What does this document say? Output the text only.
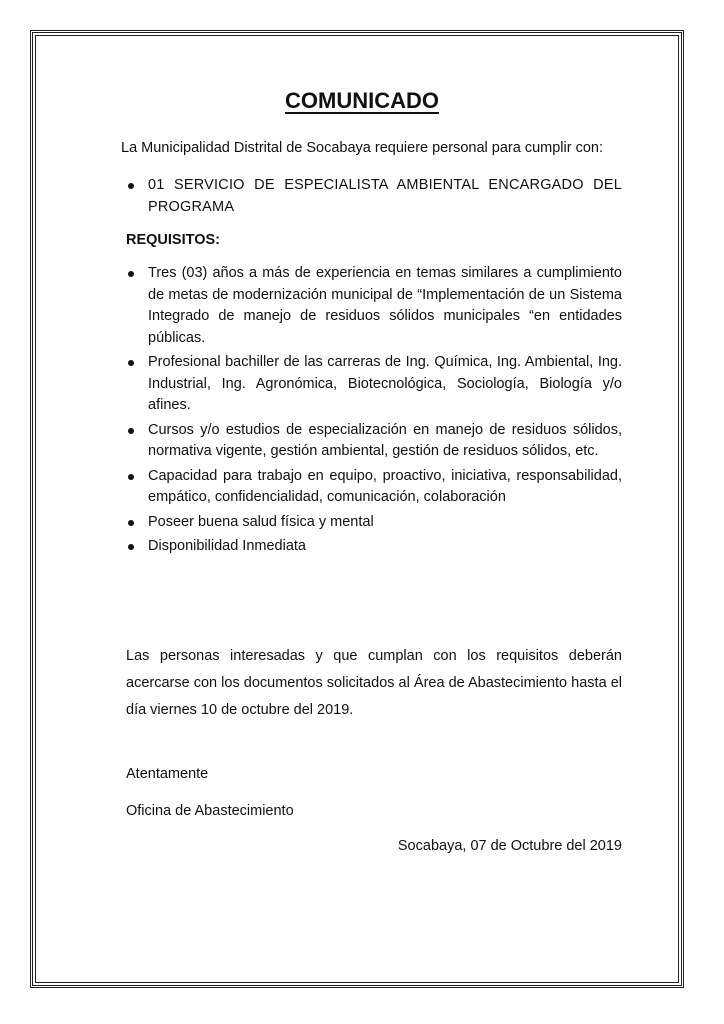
COMUNICADO

La Municipalidad Distrital de Socabaya requiere personal para cumplir con:

01 SERVICIO DE ESPECIALISTA AMBIENTAL ENCARGADO DEL PROGRAMA

REQUISITOS:

Tres (03) años a más de experiencia en temas similares a cumplimiento de metas de modernización municipal de “Implementación de un Sistema Integrado de manejo de residuos sólidos municipales “en entidades públicas.
Profesional bachiller de las carreras de Ing. Química, Ing. Ambiental, Ing. Industrial, Ing. Agronómica, Biotecnológica, Sociología, Biología y/o afines.
Cursos y/o estudios de especialización en manejo de residuos sólidos, normativa vigente, gestión ambiental, gestión de residuos sólidos, etc.
Capacidad para trabajo en equipo, proactivo, iniciativa, responsabilidad, empático, confidencialidad, comunicación, colaboración
Poseer buena salud física y mental
Disponibilidad Inmediata

Las personas interesadas y que cumplan con los requisitos deberán acercarse con los documentos solicitados al Área de Abastecimiento hasta el día viernes 10 de octubre del 2019.

Atentamente

Oficina de Abastecimiento

Socabaya, 07 de Octubre del 2019
